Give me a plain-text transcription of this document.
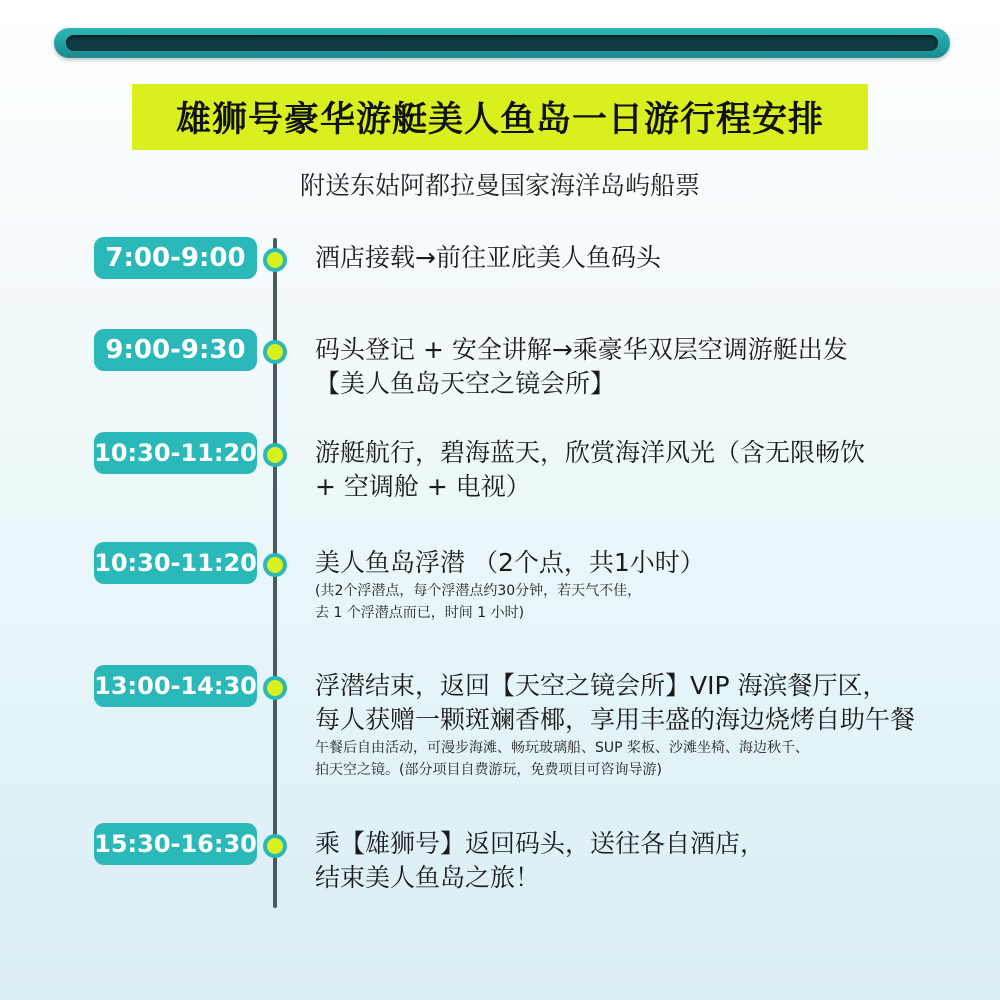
雄狮号豪华游艇美人鱼岛一日游行程安排
附送东姑阿都拉曼国家海洋岛屿船票
7:00-9:00	酒店接载→前往亚庇美人鱼码头
9:00-9:30	码头登记 + 安全讲解→乘豪华双层空调游艇出发
【美人鱼岛天空之镜会所】
10:30-11:20 游艇航行，碧海蓝天，欣赏海洋风光（含无限畅饮
+ 空调舱 + 电视）
10:30-11:20 美人鱼岛浮潜 （2个点，共1小时）
(共2个浮潜点，每个浮潜点约30分钟，若天气不佳，
去 1 个浮潜点而已，时间 1 小时)
13:00-14:30 浮潜结束，返回【天空之镜会所】VIP 海滨餐厅区，
每人获赠一颗斑斓香椰，享用丰盛的海边烧烤自助午餐
午餐后自由活动，可漫步海滩、畅玩玻璃船、SUP 桨板、沙滩坐椅、海边秋千、
拍天空之镜。(部分项目自费游玩，免费项目可咨询导游)
15:30-16:30 乘【雄狮号】返回码头，送往各自酒店，
结束美人鱼岛之旅！
